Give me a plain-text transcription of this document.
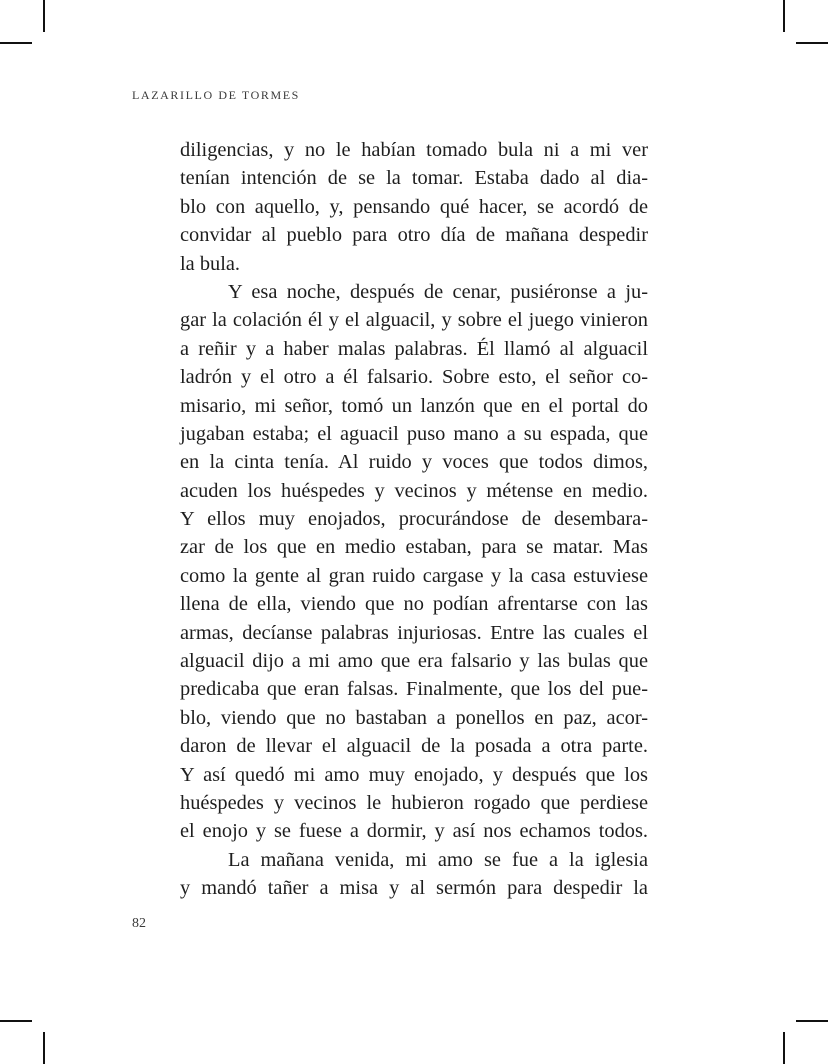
LAZARILLO DE TORMES
diligencias, y no le habían tomado bula ni a mi ver
tenían intención de se la tomar. Estaba dado al dia-
blo con aquello, y, pensando qué hacer, se acordó de
convidar al pueblo para otro día de mañana despedir
la bula.
Y esa noche, después de cenar, pusiéronse a ju-
gar la colación él y el alguacil, y sobre el juego vinieron
a reñir y a haber malas palabras. Él llamó al alguacil
ladrón y el otro a él falsario. Sobre esto, el señor co-
misario, mi señor, tomó un lanzón que en el portal do
jugaban estaba; el aguacil puso mano a su espada, que
en la cinta tenía. Al ruido y voces que todos dimos,
acuden los huéspedes y vecinos y métense en medio.
Y ellos muy enojados, procurándose de desembara-
zar de los que en medio estaban, para se matar. Mas
como la gente al gran ruido cargase y la casa estuviese
llena de ella, viendo que no podían afrentarse con las
armas, decíanse palabras injuriosas. Entre las cuales el
alguacil dijo a mi amo que era falsario y las bulas que
predicaba que eran falsas. Finalmente, que los del pue-
blo, viendo que no bastaban a ponellos en paz, acor-
daron de llevar el alguacil de la posada a otra parte.
Y así quedó mi amo muy enojado, y después que los
huéspedes y vecinos le hubieron rogado que perdiese
el enojo y se fuese a dormir, y así nos echamos todos.
La mañana venida, mi amo se fue a la iglesia
y mandó tañer a misa y al sermón para despedir la
82
